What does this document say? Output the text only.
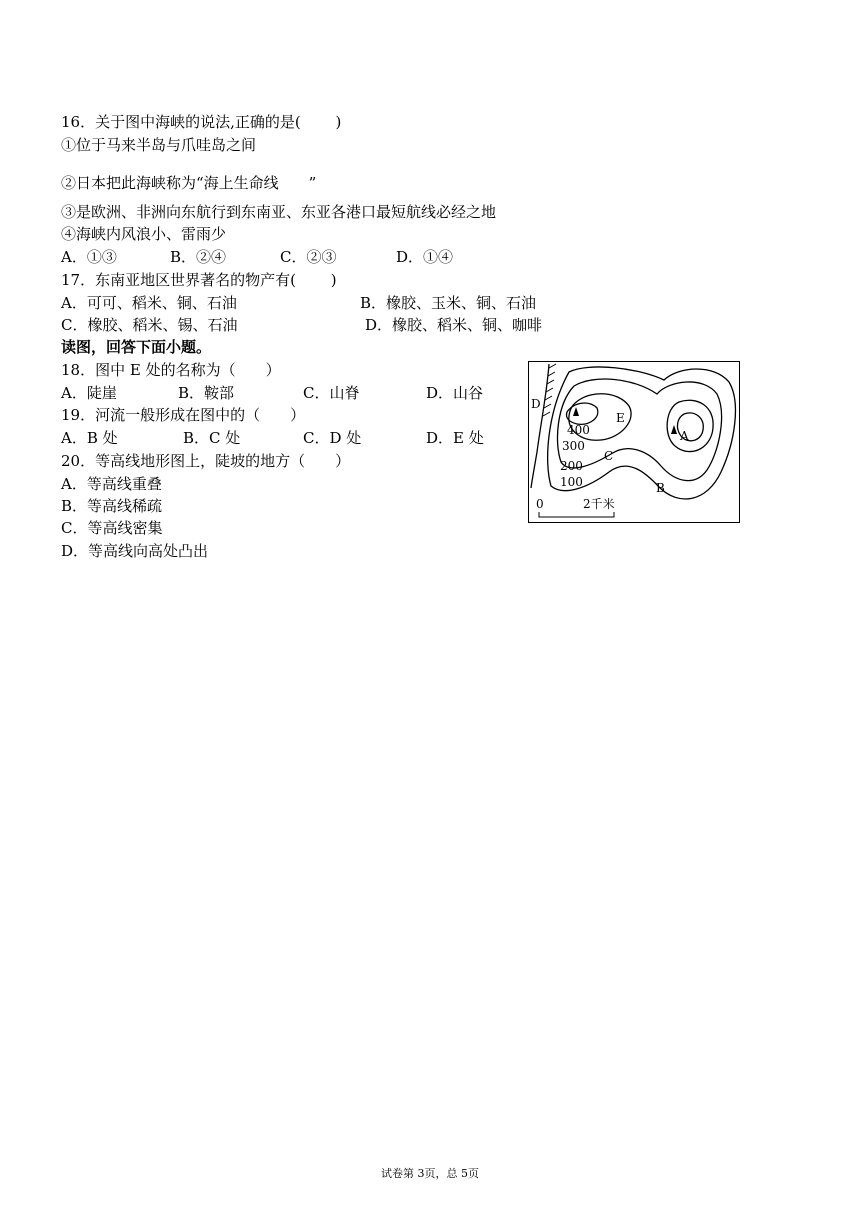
16．关于图中海峡的说法,正确的是(　　 )
①位于马来半岛与爪哇岛之间
②日本把此海峡称为“海上生命线　　”
③是欧洲、非洲向东航行到东南亚、东亚各港口最短航线必经之地
④海峡内风浪小、雷雨少
A．①③	B．②④	C．②③	D．①④
17．东南亚地区世界著名的物产有(　　 )
A．可可、稻米、铜、石油	B．橡胶、玉米、铜、石油
C．橡胶、稻米、锡、石油	D．橡胶、稻米、铜、咖啡
读图，回答下面小题。
18．图中 E 处的名称为（　　）
A．陡崖	B．鞍部	C．山脊	D．山谷
19．河流一般形成在图中的（　　）
A．B 处	B．C 处	C．D 处	D．E 处
20．等高线地形图上，陡坡的地方（　　）
A．等高线重叠
B．等高线稀疏
C．等高线密集
D．等高线向高处凸出
D
E
A
B
C
400
300
200
100
0	2千米
试卷第 3页，总 5页
